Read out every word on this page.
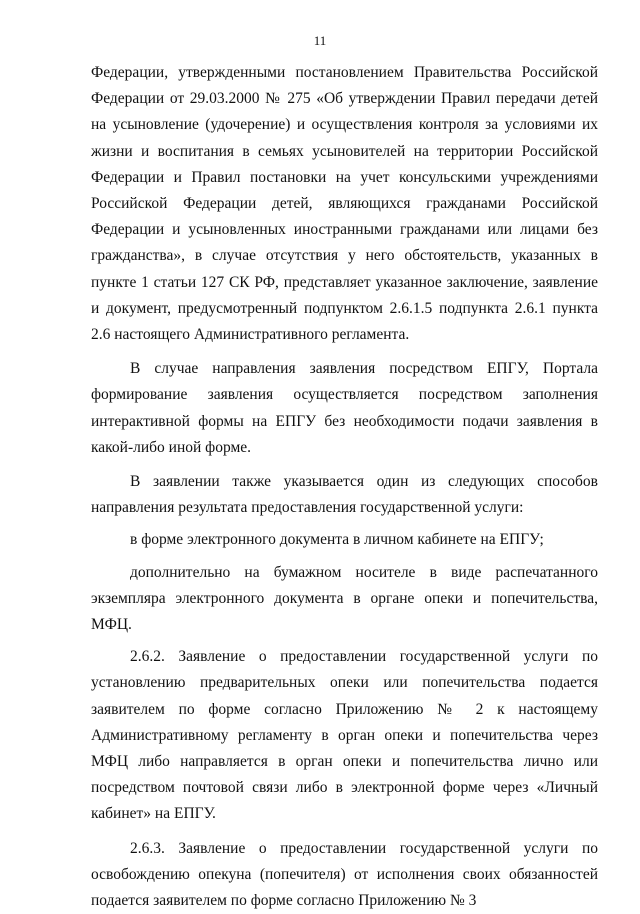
11

Федерации, утвержденными постановлением Правительства Российской Федерации от 29.03.2000 № 275 «Об утверждении Правил передачи детей на усыновление (удочерение) и осуществления контроля за условиями их жизни и воспитания в семьях усыновителей на территории Российской Федерации и Правил постановки на учет консульскими учреждениями Российской Федерации детей, являющихся гражданами Российской Федерации и усыновленных иностранными гражданами или лицами без гражданства», в случае отсутствия у него обстоятельств, указанных в пункте 1 статьи 127 СК РФ, представляет указанное заключение, заявление и документ, предусмотренный подпунктом 2.6.1.5 подпункта 2.6.1 пункта 2.6 настоящего Административного регламента.

В случае направления заявления посредством ЕПГУ, Портала формирование заявления осуществляется посредством заполнения интерактивной формы на ЕПГУ без необходимости подачи заявления в какой-либо иной форме.

В заявлении также указывается один из следующих способов направления результата предоставления государственной услуги:

в форме электронного документа в личном кабинете на ЕПГУ;

дополнительно на бумажном носителе в виде распечатанного экземпляра электронного документа в органе опеки и попечительства, МФЦ.

2.6.2. Заявление о предоставлении государственной услуги по установлению предварительных опеки или попечительства подается заявителем по форме согласно Приложению № 2 к настоящему Административному регламенту в орган опеки и попечительства через МФЦ либо направляется в орган опеки и попечительства лично или посредством почтовой связи либо в электронной форме через «Личный кабинет» на ЕПГУ.

2.6.3. Заявление о предоставлении государственной услуги по освобождению опекуна (попечителя) от исполнения своих обязанностей подается заявителем по форме согласно Приложению № 3
